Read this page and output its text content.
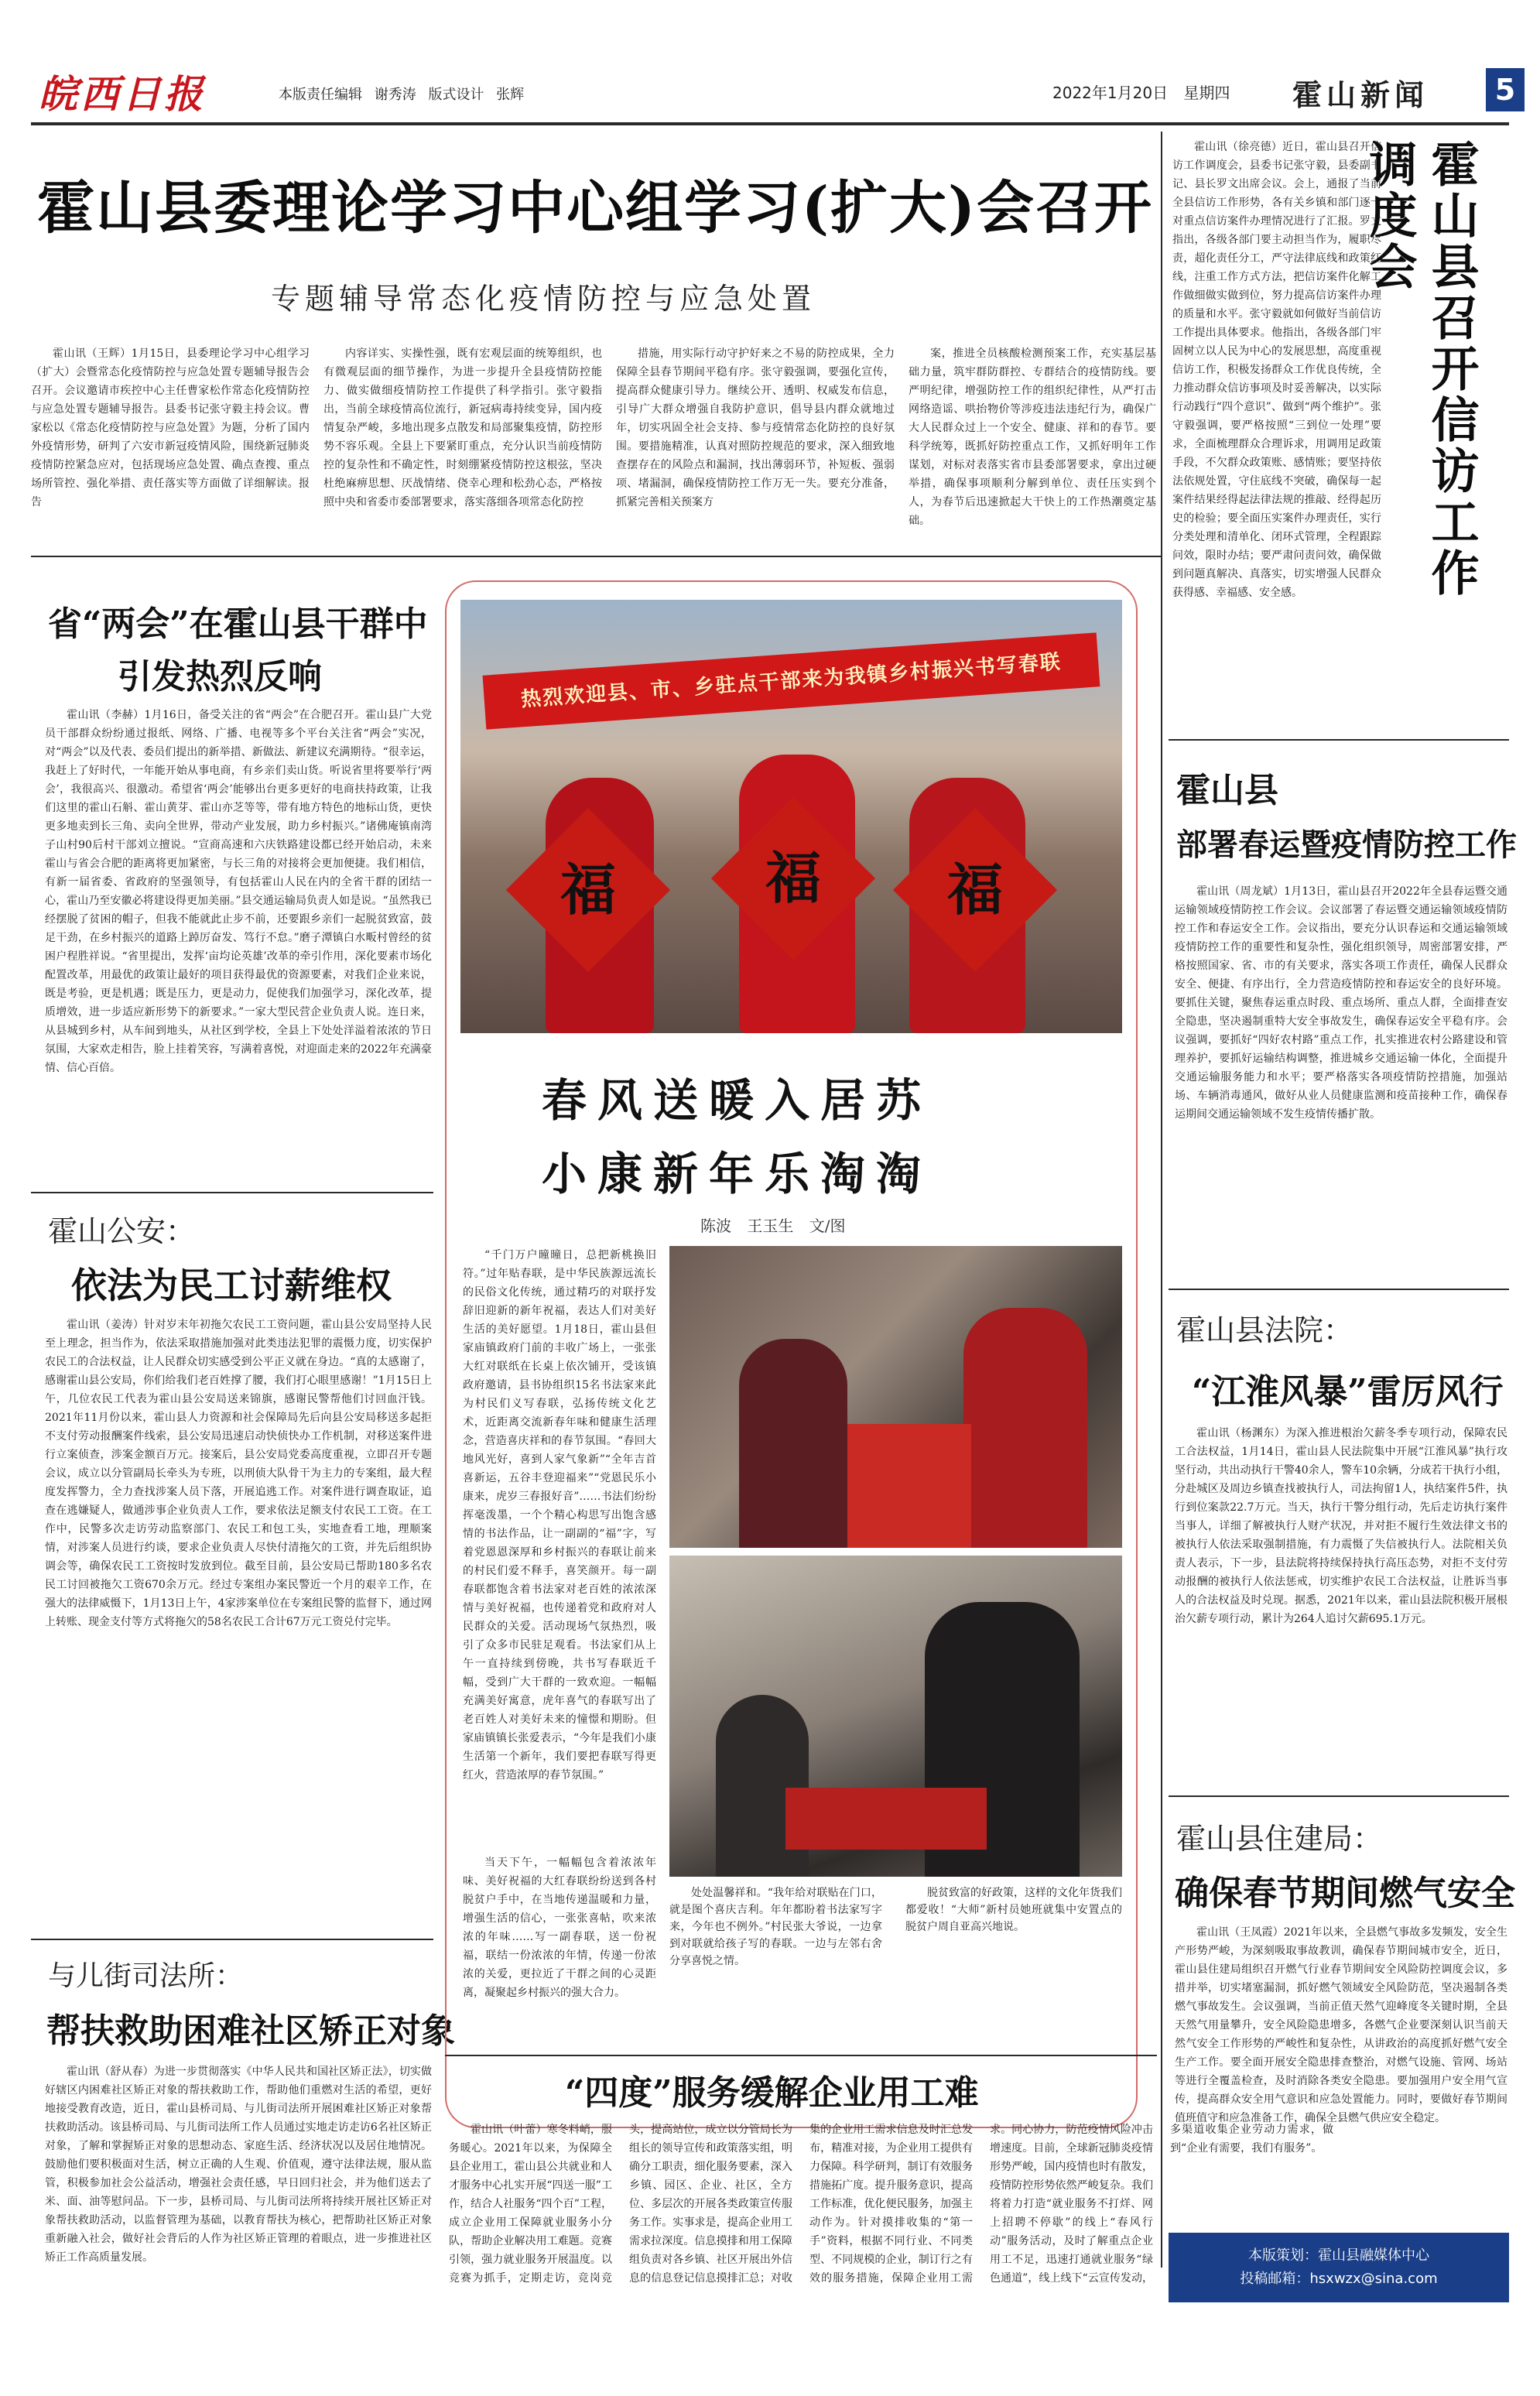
皖西日报	本版责任编辑 谢秀涛 版式设计 张辉	2022年1月20日 星期四 霍山新闻	5
霍山县委理论学习中心组学习(扩大)会召开
专题辅导常态化疫情防控与应急处置

霍山讯（王辉）1月15日，县委理论学习中心组学习（扩大）会暨常态化疫情防控与应急处置专题辅导报告会召开。会议邀请市疾控中心主任曹家松作常态化疫情防控与应急处置专题辅导报告。县委书记张守毅主持会议。曹家松以《常态化疫情防控与应急处置》为题，分析了国内外疫情形势，研判了六安市新冠疫情风险，围绕新冠肺炎疫情防控紧急应对，包括现场应急处置、确点查搜、重点场所管控、强化举措、责任落实等方面做了详细解读。报告

内容详实、实操性强，既有宏观层面的统筹组织，也有微观层面的细节操作，为进一步提升全县疫情防控能力、做实做细疫情防控工作提供了科学指引。张守毅指出，当前全球疫情高位流行，新冠病毒持续变异，国内疫情复杂严峻，多地出现多点散发和局部聚集疫情，防控形势不容乐观。全县上下要紧盯重点，充分认识当前疫情防控的复杂性和不确定性，时刻绷紧疫情防控这根弦，坚决杜绝麻痹思想、厌战情绪、侥幸心理和松劲心态，严格按照中央和省委市委部署要求，落实落细各项常态化防控

措施，用实际行动守护好来之不易的防控成果，全力保障全县春节期间平稳有序。张守毅强调，要强化宣传，提高群众健康引导力。继续公开、透明、权威发布信息，引导广大群众增强自我防护意识，倡导县内群众就地过年，切实巩固全社会支持、参与疫情常态化防控的良好氛围。要措施精准，认真对照防控规范的要求，深入细致地查摆存在的风险点和漏洞，找出薄弱环节，补短板、强弱项、堵漏洞，确保疫情防控工作万无一失。要充分准备，抓紧完善相关预案方

案，推进全员核酸检测预案工作，充实基层基础力量，筑牢群防群控、专群结合的疫情防线。要严明纪律，增强防控工作的组织纪律性，从严打击网络造谣、哄抬物价等涉疫违法违纪行为，确保广大人民群众过上一个安全、健康、祥和的春节。要科学统筹，既抓好防控重点工作，又抓好明年工作谋划，对标对表落实省市县委部署要求，拿出过硬举措，确保事项顺利分解到单位、责任压实到个人，为春节后迅速掀起大干快上的工作热潮奠定基础。

霍山讯（徐亮德）近日，霍山县召开信访工作调度会，县委书记张守毅，县委副书记、县长罗文出席会议。会上，通报了当前全县信访工作形势，各有关乡镇和部门逐一对重点信访案件办理情况进行了汇报。罗文指出，各级各部门要主动担当作为，履职尽责，超化责任分工，严守法律底线和政策红线，注重工作方式方法，把信访案件化解工作做细做实做到位，努力提高信访案件办理的质量和水平。张守毅就如何做好当前信访工作提出具体要求。他指出，各级各部门牢固树立以人民为中心的发展思想，高度重视信访工作，积极发扬群众工作优良传统，全力推动群众信访事项及时妥善解决，以实际行动践行“四个意识”、做到“两个维护”。张守毅强调，要严格按照“三到位一处理”要求，全面梳理群众合理诉求，用调用足政策手段，不欠群众政策账、感情账；要坚持依法依规处置，守住底线不突破，确保每一起案件结果经得起法律法规的推敲、经得起历史的检验；要全面压实案件办理责任，实行分类处理和清单化、闭环式管理，全程跟踪问效，限时办结；要严肃问责问效，确保做到问题真解决、真落实，切实增强人民群众获得感、幸福感、安全感。	霍山县召开信访工作调度会
省“两会”在霍山县干群中
引发热烈反响

霍山讯（李赫）1月16日，备受关注的省“两会”在合肥召开。霍山县广大党员干部群众纷纷通过报纸、网络、广播、电视等多个平台关注省“两会”实况，对“两会”以及代表、委员们提出的新举措、新做法、新建议充满期待。“很幸运，我赶上了好时代，一年能开始从事电商，有乡亲们卖山货。听说省里将要举行‘两会’，我很高兴、很激动。希望省‘两会’能够出台更多更好的电商扶持政策，让我们这里的霍山石斛、霍山黄芽、霍山亦芝等等，带有地方特色的地标山货，更快更多地卖到长三角、卖向全世界，带动产业发展，助力乡村振兴。”诸佛庵镇南湾子山村90后村干部刘立擅说。“宣商高速和六庆铁路建设都已经开始启动，未来霍山与省会合肥的距离将更加紧密，与长三角的对接将会更加便捷。我们相信，有新一届省委、省政府的坚强领导，有包括霍山人民在内的全省干群的团结一心，霍山乃至安徽必将建设得更加美丽。”县交通运输局负责人如是说。“虽然我已经摆脱了贫困的帽子，但我不能就此止步不前，还要跟乡亲们一起脱贫致富，鼓足干劲，在乡村振兴的道路上踔厉奋发、笃行不怠。”磨子潭镇白水畈村曾经的贫困户程胜祥说。“省里提出，发挥‘亩均论英雄’改革的牵引作用，深化要素市场化配置改革，用最优的政策让最好的项目获得最优的资源要素，对我们企业来说，既是考验，更是机遇；既是压力，更是动力，促使我们加强学习，深化改革，提质增效，进一步适应新形势下的新要求。”一家大型民营企业负责人说。连日来，从县城到乡村，从车间到地头，从社区到学校，全县上下处处洋溢着浓浓的节日氛围，大家欢走相告，脸上挂着笑容，写满着喜悦，对迎面走来的2022年充满豪情、信心百倍。

霍山公安：
依法为民工讨薪维权

霍山讯（姜涛）针对岁末年初拖欠农民工工资问题，霍山县公安局坚持人民至上理念，担当作为，依法采取措施加强对此类违法犯罪的震慑力度，切实保护农民工的合法权益，让人民群众切实感受到公平正义就在身边。“真的太感谢了，感谢霍山县公安局，你们给我们老百姓撑了腰，我们打心眼里感谢！”1月15日上午，几位农民工代表为霍山县公安局送来锦旗，感谢民警帮他们讨回血汗钱。2021年11月份以来，霍山县人力资源和社会保障局先后向县公安局移送多起拒不支付劳动报酬案件线索，县公安局迅速启动快侦快办工作机制，对移送案件进行立案侦查，涉案金额百万元。接案后，县公安局党委高度重视，立即召开专题会议，成立以分管副局长牵头为专班，以刑侦大队骨干为主力的专案组，最大程度发挥警力，全力查找涉案人员下落，开展追逃工作。对案件进行调查取证，追查在逃嫌疑人，做通涉事企业负责人工作，要求依法足额支付农民工工资。在工作中，民警多次走访劳动监察部门、农民工和包工头，实地查看工地，理顺案情，对涉案人员进行约谈，要求企业负责人尽快付清拖欠的工资，并先后组织协调会等，确保农民工工资按时发放到位。截至目前，县公安局已帮助180多名农民工讨回被拖欠工资670余万元。经过专案组办案民警近一个月的艰辛工作，在强大的法律威慑下，1月13日上午，4家涉案单位在专案组民警的监督下，通过网上转账、现金支付等方式将拖欠的58名农民工合计67万元工资兑付完毕。

与儿街司法所：
帮扶救助困难社区矫正对象

霍山讯（舒从春）为进一步贯彻落实《中华人民共和国社区矫正法》，切实做好辖区内困难社区矫正对象的帮扶救助工作，帮助他们重燃对生活的希望，更好地接受教育改造，近日，霍山县桥司局、与儿街司法所开展困难社区矫正对象帮扶救助活动。该县桥司局、与儿街司法所工作人员通过实地走访走访6名社区矫正对象，了解和掌握矫正对象的思想动态、家庭生活、经济状况以及居住地情况。鼓励他们要积极面对生活，树立正确的人生观、价值观，遵守法律法规，服从监管，积极参加社会公益活动，增强社会责任感，早日回归社会，并为他们送去了米、面、油等慰问品。下一步，县桥司局、与儿街司法所将持续开展社区矫正对象帮扶救助活动，以监督管理为基础，以教育帮扶为核心，把帮助社区矫正对象重新融入社会，做好社会背后的人作为社区矫正管理的着眼点，进一步推进社区矫正工作高质量发展。

热烈欢迎县、市、乡驻点干部来为我镇乡村振兴书写春联
福	福	福
春风送暖入居苏
小康新年乐淘淘
陈波 王玉生 文/图

“千门万户曈曈日，总把新桃换旧符。”过年贴春联，是中华民族源远流长的民俗文化传统，通过精巧的对联抒发辞旧迎新的新年祝福，表达人们对美好生活的美好愿望。1月18日，霍山县但家庙镇政府门前的丰收广场上，一张张大红对联纸在长桌上依次铺开，受该镇政府邀请，县书协组织15名书法家来此为村民们义写春联，弘扬传统文化艺术，近距离交流新春年味和健康生活理念，营造喜庆祥和的春节氛围。“春回大地风光好，喜到人家气象新”“全年吉首喜新运，五谷丰登迎福来”“党恩民乐小康来，虎岁三春报好音”……书法们纷纷挥毫泼墨，一个个精心构思写出饱含感情的书法作品，让一副副的“福”字，写着党恩恩深厚和乡村振兴的春联让前来的村民们爱不释手，喜笑颜开。每一副春联都饱含着书法家对老百姓的浓浓深情与美好祝福，也传递着党和政府对人民群众的关爱。活动现场气氛热烈，吸引了众多市民驻足观看。书法家们从上午一直持续到傍晚，共书写春联近千幅，受到广大干群的一致欢迎。一幅幅充满美好寓意，虎年喜气的春联写出了老百姓人对美好未来的憧憬和期盼。但家庙镇镇长张爱表示，“今年是我们小康生活第一个新年，我们要把春联写得更红火，营造浓厚的春节氛围。”

当天下午，一幅幅包含着浓浓年味、美好祝福的大红春联纷纷送到各村脱贫户手中，在当地传递温暖和力量，增强生活的信心，一张张喜帖，吹来浓浓的年味……写一副春联，送一份祝福，联结一份浓浓的年情，传递一份浓浓的关爱，更拉近了干群之间的心灵距离，凝聚起乡村振兴的强大合力。

处处温馨祥和。“我年给对联贴在门口，就是图个喜庆吉利。年年都盼着书法家写字来，今年也不例外。”村民张大爷说，一边拿到对联就给孩子写的春联。一边与左邻右舍分享喜悦之情。
脱贫致富的好政策，这样的文化年货我们都爱收！“大师”新村员她班就集中安置点的脱贫户周自亚高兴地说。
“四度”服务缓解企业用工难

霍山讯（叶蕾）寒冬料峭，服务暖心。2021年以来，为保障全县企业用工，霍山县公共就业和人才服务中心扎实开展“四送一服”工作，结合人社服务“四个百”工程，成立企业用工保障就业服务小分队，帮助企业解决用工难题。竞赛引领，强力就业服务开展温度。以竞赛为抓手，定期走访，竞岗竞头，提高站位，成立以分管局长为组长的领导宣传和政策落实组，明确分工职责，细化服务要素，深入乡镇、园区、企业、社区，全方位、多层次的开展各类政策宣传服务工作。实事求是，提高企业用工需求拉深度。信息摸排和用工保障组负责对各乡镇、社区开展出外信息的信息登记信息摸排汇总；对收集的企业用工需求信息及时汇总发布，精准对接，为企业用工提供有力保障。科学研判，制订有效服务措施拓广度。提升服务意识，提高工作标准，优化便民服务，加强主动作为。针对摸排收集的“第一手”资料，根据不同行业、不同类型、不同规模的企业，制订行之有效的服务措施，保障企业用工需求。同心协力，防范疫情风险冲击增速度。目前，全球新冠肺炎疫情形势严峻，国内疫情也时有散发，疫情防控形势依然严峻复杂。我们将着力打造“就业服务不打烊、网上招聘不停歇”的线上“春风行动”服务活动，及时了解重点企业用工不足，迅速打通就业服务“绿色通道”，线上线下“云宣传发动，多渠道收集企业劳动力需求，做到“企业有需要，我们有服务”。

霍山县
部署春运暨疫情防控工作

霍山讯（周龙斌）1月13日，霍山县召开2022年全县春运暨交通运输领域疫情防控工作会议。会议部署了春运暨交通运输领域疫情防控工作和春运安全工作。会议指出，要充分认识春运和交通运输领域疫情防控工作的重要性和复杂性，强化组织领导，周密部署安排，严格按照国家、省、市的有关要求，落实各项工作责任，确保人民群众安全、便捷、有序出行，全力营造疫情防控和春运安全的良好环境。要抓住关键，聚焦春运重点时段、重点场所、重点人群，全面排查安全隐患，坚决遏制重特大安全事故发生，确保春运安全平稳有序。会议强调，要抓好“四好农村路”重点工作，扎实推进农村公路建设和管理养护，要抓好运输结构调整，推进城乡交通运输一体化，全面提升交通运输服务能力和水平；要严格落实各项疫情防控措施，加强站场、车辆消毒通风，做好从业人员健康监测和疫苗接种工作，确保春运期间交通运输领域不发生疫情传播扩散。

霍山县法院：
“江淮风暴”雷厉风行

霍山讯（杨渊东）为深入推进根治欠薪冬季专项行动，保障农民工合法权益，1月14日，霍山县人民法院集中开展“江淮风暴”执行攻坚行动，共出动执行干警40余人，警车10余辆，分成若干执行小组，分赴城区及周边乡镇查找被执行人，司法拘留1人，执结案件5件，执行到位案款22.7万元。当天，执行干警分组行动，先后走访执行案件当事人，详细了解被执行人财产状况，并对拒不履行生效法律文书的被执行人依法采取强制措施，有力震慑了失信被执行人。法院相关负责人表示，下一步，县法院将持续保持执行高压态势，对拒不支付劳动报酬的被执行人依法惩戒，切实维护农民工合法权益，让胜诉当事人的合法权益及时兑现。据悉，2021年以来，霍山县法院积极开展根治欠薪专项行动，累计为264人追讨欠薪695.1万元。

霍山县住建局：
确保春节期间燃气安全

霍山讯（王凤霞）2021年以来，全县燃气事故多发频发，安全生产形势严峻，为深刻吸取事故教训，确保春节期间城市安全，近日，霍山县住建局组织召开燃气行业春节期间安全风险防控调度会议，多措并举，切实堵塞漏洞，抓好燃气领域安全风险防范，坚决遏制各类燃气事故发生。会议强调，当前正值天然气迎峰度冬关键时期，全县天然气用量攀升，安全风险隐患增多，各燃气企业要深刻认识当前天然气安全工作形势的严峻性和复杂性，从讲政治的高度抓好燃气安全生产工作。要全面开展安全隐患排查整治，对燃气设施、管网、场站等进行全覆盖检查，及时消除各类安全隐患。要加强用户安全用气宣传，提高群众安全用气意识和应急处置能力。同时，要做好春节期间值班值守和应急准备工作，确保全县燃气供应安全稳定。

本版策划：霍山县融媒体中心
投稿邮箱：hsxwzx@sina.com
